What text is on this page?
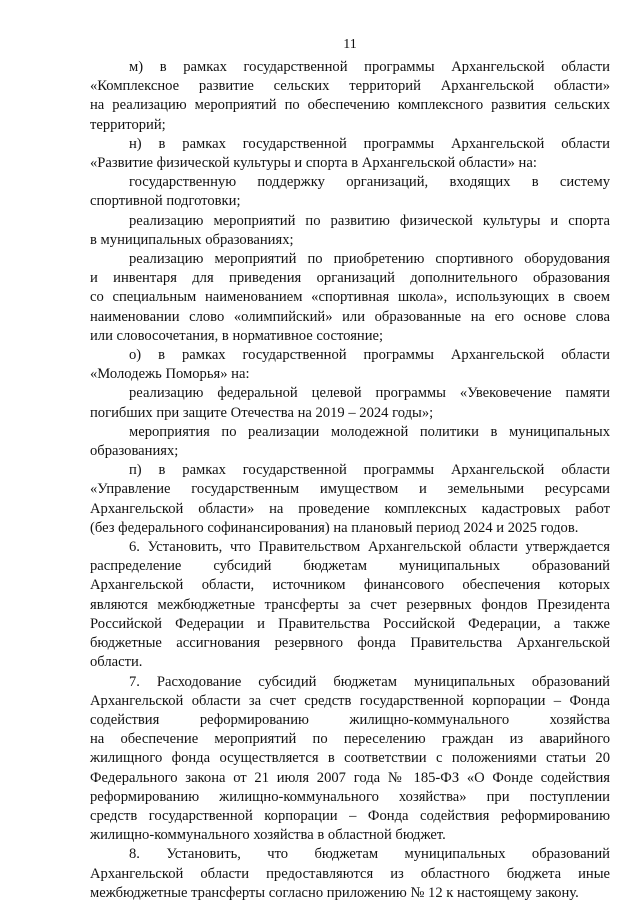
11
м) в рамках государственной программы Архангельской области
«Комплексное развитие сельских территорий Архангельской области»
на реализацию мероприятий по обеспечению комплексного развития сельских
территорий;
н) в рамках государственной программы Архангельской области
«Развитие физической культуры и спорта в Архангельской области» на:
государственную поддержку организаций, входящих в систему
спортивной подготовки;
реализацию мероприятий по развитию физической культуры и спорта
в муниципальных образованиях;
реализацию мероприятий по приобретению спортивного оборудования
и инвентаря для приведения организаций дополнительного образования
со специальным наименованием «спортивная школа», использующих в своем
наименовании слово «олимпийский» или образованные на его основе слова
или словосочетания, в нормативное состояние;
о) в рамках государственной программы Архангельской области
«Молодежь Поморья» на:
реализацию федеральной целевой программы «Увековечение памяти
погибших при защите Отечества на 2019 – 2024 годы»;
мероприятия по реализации молодежной политики в муниципальных
образованиях;
п) в рамках государственной программы Архангельской области
«Управление государственным имуществом и земельными ресурсами
Архангельской области» на проведение комплексных кадастровых работ
(без федерального софинансирования) на плановый период 2024 и 2025 годов.
6. Установить, что Правительством Архангельской области утверждается
распределение субсидий бюджетам муниципальных образований
Архангельской области, источником финансового обеспечения которых
являются межбюджетные трансферты за счет резервных фондов Президента
Российской Федерации и Правительства Российской Федерации, а также
бюджетные ассигнования резервного фонда Правительства Архангельской
области.
7. Расходование субсидий бюджетам муниципальных образований
Архангельской области за счет средств государственной корпорации – Фонда
содействия реформированию жилищно-коммунального хозяйства
на обеспечение мероприятий по переселению граждан из аварийного
жилищного фонда осуществляется в соответствии с положениями статьи 20
Федерального закона от 21 июля 2007 года № 185-ФЗ «О Фонде содействия
реформированию жилищно-коммунального хозяйства» при поступлении
средств государственной корпорации – Фонда содействия реформированию
жилищно-коммунального хозяйства в областной бюджет.
8. Установить, что бюджетам муниципальных образований
Архангельской области предоставляются из областного бюджета иные
межбюджетные трансферты согласно приложению № 12 к настоящему закону.
